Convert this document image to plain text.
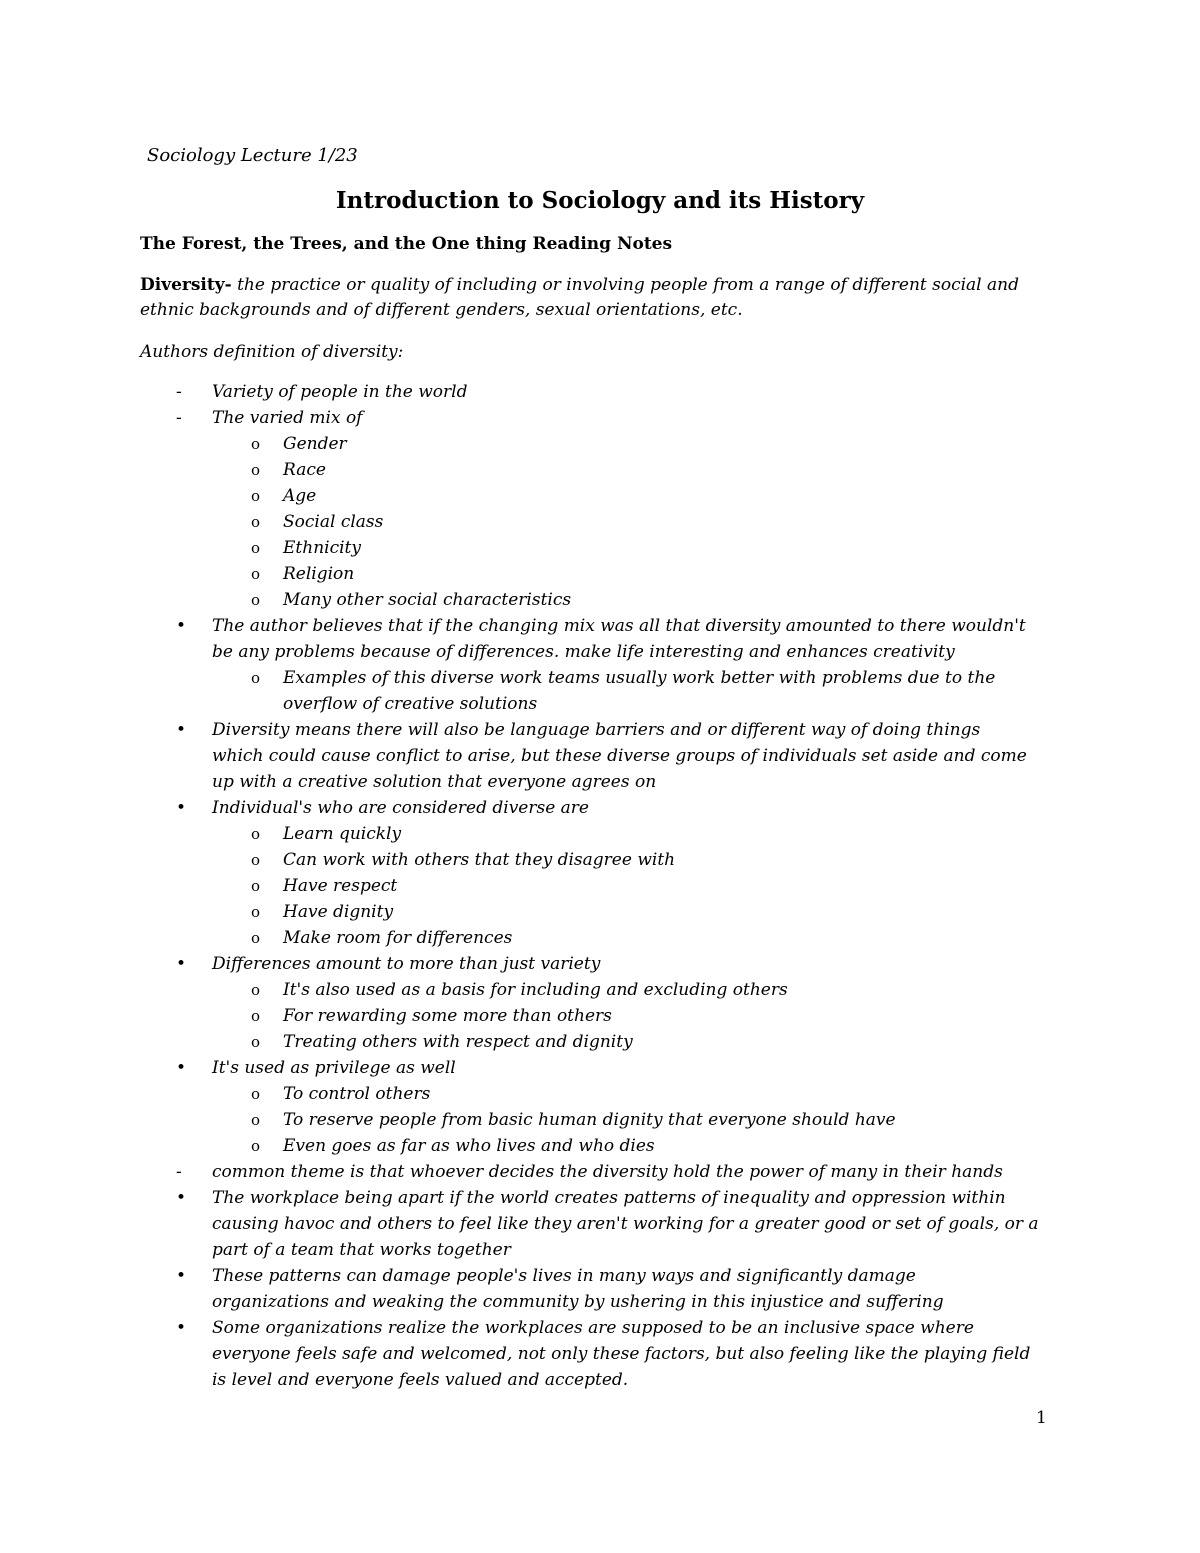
Sociology Lecture 1/23
Introduction to Sociology and its History
The Forest, the Trees, and the One thing Reading Notes

Diversity- the practice or quality of including or involving people from a range of different social and
ethnic backgrounds and of different genders, sexual orientations, etc.

Authors definition of diversity:
-	Variety of people in the world
-	The varied mix of
o	Gender
o	Race
o	Age
o	Social class
o	Ethnicity
o	Religion
o	Many other social characteristics
•	The author believes that if the changing mix was all that diversity amounted to there wouldn't
be any problems because of differences. make life interesting and enhances creativity
o	Examples of this diverse work teams usually work better with problems due to the
overflow of creative solutions
•	Diversity means there will also be language barriers and or different way of doing things
which could cause conflict to arise, but these diverse groups of individuals set aside and come
up with a creative solution that everyone agrees on
•	Individual's who are considered diverse are
o	Learn quickly
o	Can work with others that they disagree with
o	Have respect
o	Have dignity
o	Make room for differences
•	Differences amount to more than just variety
o	It's also used as a basis for including and excluding others
o	For rewarding some more than others
o	Treating others with respect and dignity
•	It's used as privilege as well
o	To control others
o	To reserve people from basic human dignity that everyone should have
o	Even goes as far as who lives and who dies
-	common theme is that whoever decides the diversity hold the power of many in their hands
•	The workplace being apart if the world creates patterns of inequality and oppression within
causing havoc and others to feel like they aren't working for a greater good or set of goals, or a
part of a team that works together
•	These patterns can damage people's lives in many ways and significantly damage
organizations and weaking the community by ushering in this injustice and suffering
•	Some organizations realize the workplaces are supposed to be an inclusive space where
everyone feels safe and welcomed, not only these factors, but also feeling like the playing field
is level and everyone feels valued and accepted.
1
